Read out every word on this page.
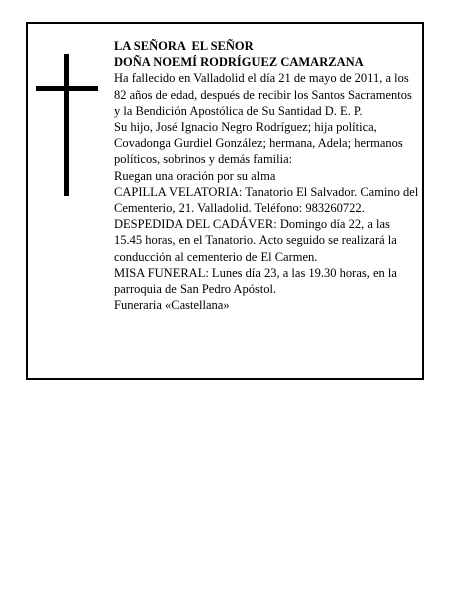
LA SEÑORA  EL SEÑOR

DOÑA NOEMÍ RODRÍGUEZ CAMARZANA

Ha fallecido en Valladolid el día 21 de mayo de 2011, a los 82 años de edad, después de recibir los Santos Sacramentos y la Bendición Apostólica de Su Santidad D. E. P.

Su hijo, José Ignacio Negro Rodríguez; hija política, Covadonga Gurdiel González; hermana, Adela; hermanos políticos, sobrinos y demás familia:

Ruegan una oración por su alma

CAPILLA VELATORIA: Tanatorio El Salvador. Camino del Cementerio, 21. Valladolid. Teléfono: 983260722.

DESPEDIDA DEL CADÁVER: Domingo día 22, a las 15.45 horas, en el Tanatorio. Acto seguido se realizará la conducción al cementerio de El Carmen.

MISA FUNERAL: Lunes día 23, a las 19.30 horas, en la parroquia de San Pedro Apóstol.

Funeraria «Castellana»
